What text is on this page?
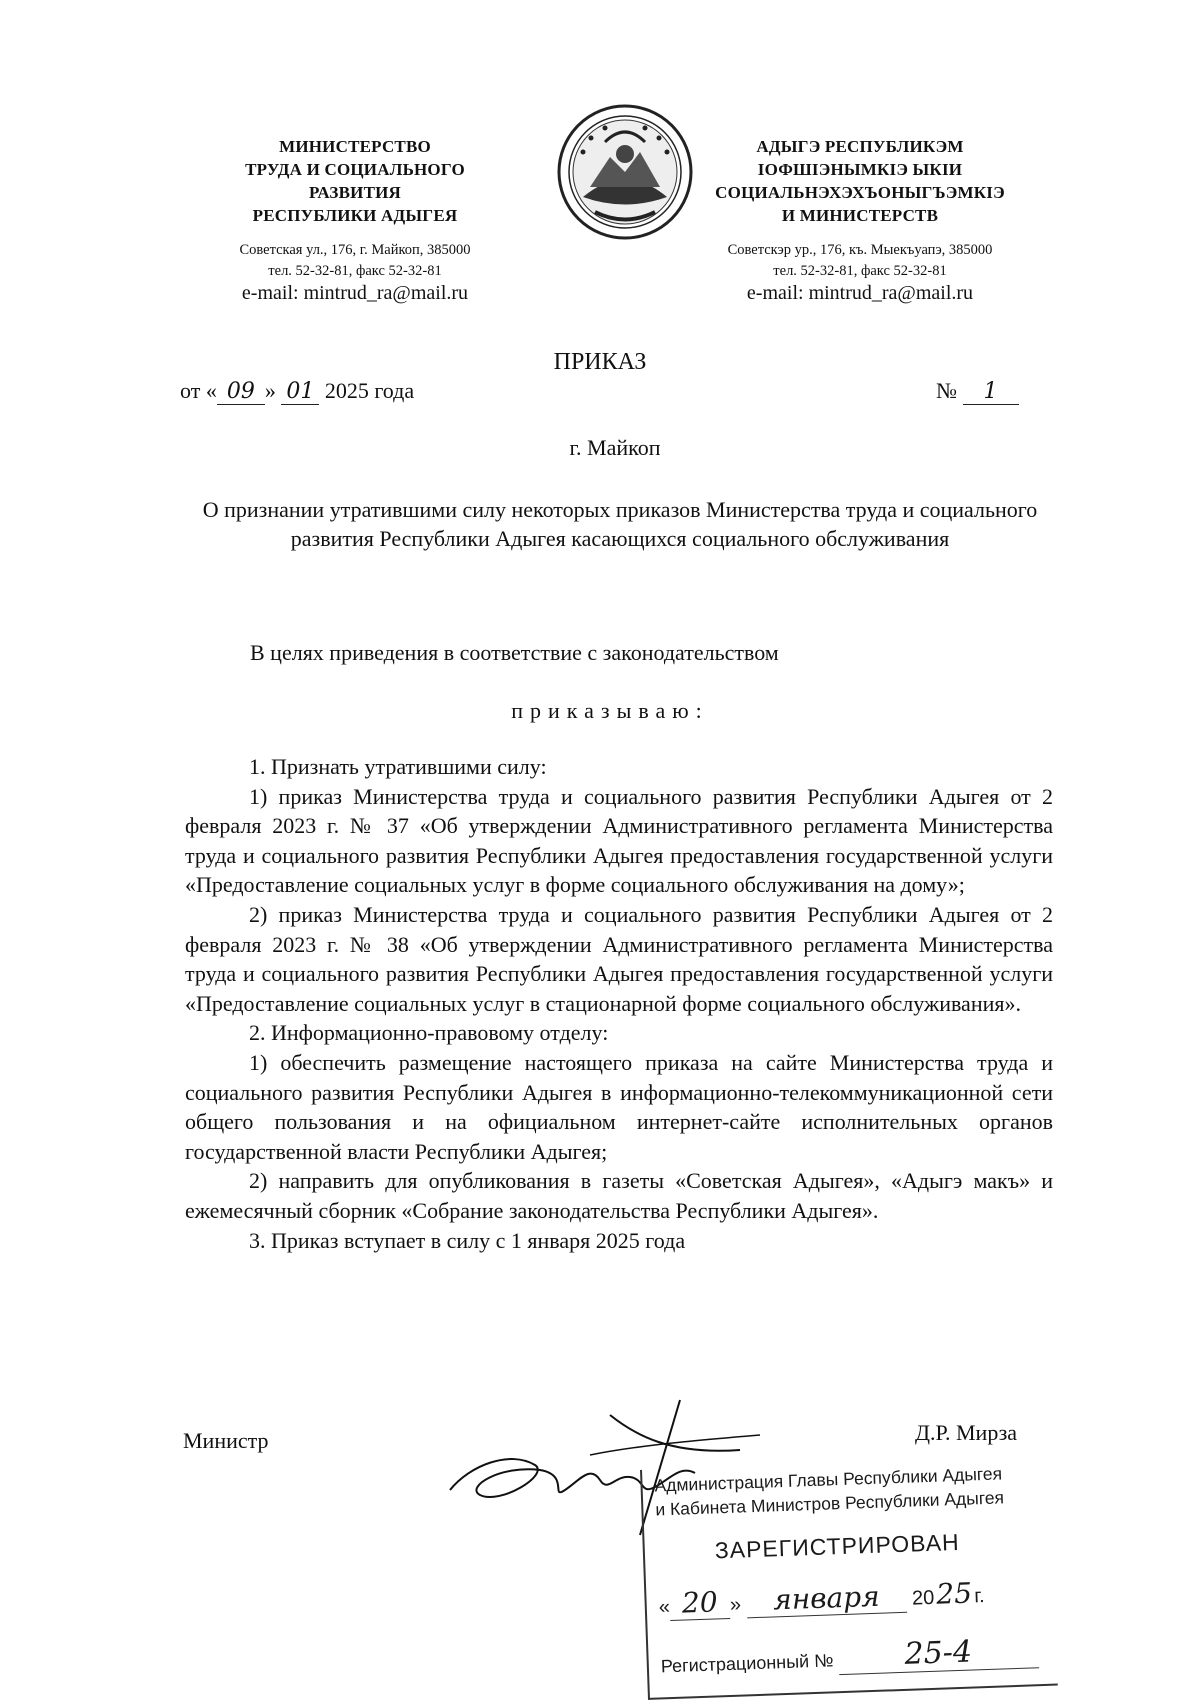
МИНИСТЕРСТВО
ТРУДА И СОЦИАЛЬНОГО
РАЗВИТИЯ
РЕСПУБЛИКИ АДЫГЕЯ
Советская ул., 176, г. Майкоп, 385000
тел. 52-32-81, факс 52-32-81
e-mail: mintrud_ra@mail.ru
АДЫГЭ РЕСПУБЛИКЭМ
IОФШIЭНЫМКIЭ ЫКIИ
СОЦИАЛЬНЭХЭХЪОНЫГЪЭМКIЭ
И МИНИСТЕРСТВ
Советскэр ур., 176, къ. Мыекъуапэ, 385000
тел. 52-32-81, факс 52-32-81
e-mail: mintrud_ra@mail.ru
ПРИКАЗ
от « 09 » 01 2025 года	№ 1
г. Майкоп
О признании утратившими силу некоторых приказов Министерства труда и социального развития Республики Адыгея касающихся социального обслуживания
В целях приведения в соответствие с законодательством
приказываю:
1. Признать утратившими силу:
1) приказ Министерства труда и социального развития Республики Адыгея от 2 февраля 2023 г. № 37 «Об утверждении Административного регламента Министерства труда и социального развития Республики Адыгея предоставления государственной услуги «Предоставление социальных услуг в форме социального обслуживания на дому»;
2) приказ Министерства труда и социального развития Республики Адыгея от 2 февраля 2023 г. № 38 «Об утверждении Административного регламента Министерства труда и социального развития Республики Адыгея предоставления государственной услуги «Предоставление социальных услуг в стационарной форме социального обслуживания».
2. Информационно-правовому отделу:
1) обеспечить размещение настоящего приказа на сайте Министерства труда и социального развития Республики Адыгея в информационно-телекоммуникационной сети общего пользования и на официальном интернет-сайте исполнительных органов государственной власти Республики Адыгея;
2) направить для опубликования в газеты «Советская Адыгея», «Адыгэ макъ» и ежемесячный сборник «Собрание законодательства Республики Адыгея».
3. Приказ вступает в силу с 1 января 2025 года
Министр	Д.Р. Мирза
Администрация Главы Республики Адыгея
и Кабинета Министров Республики Адыгея
ЗАРЕГИСТРИРОВАН
« 20 » января 2025г.
Регистрационный № 25-4
